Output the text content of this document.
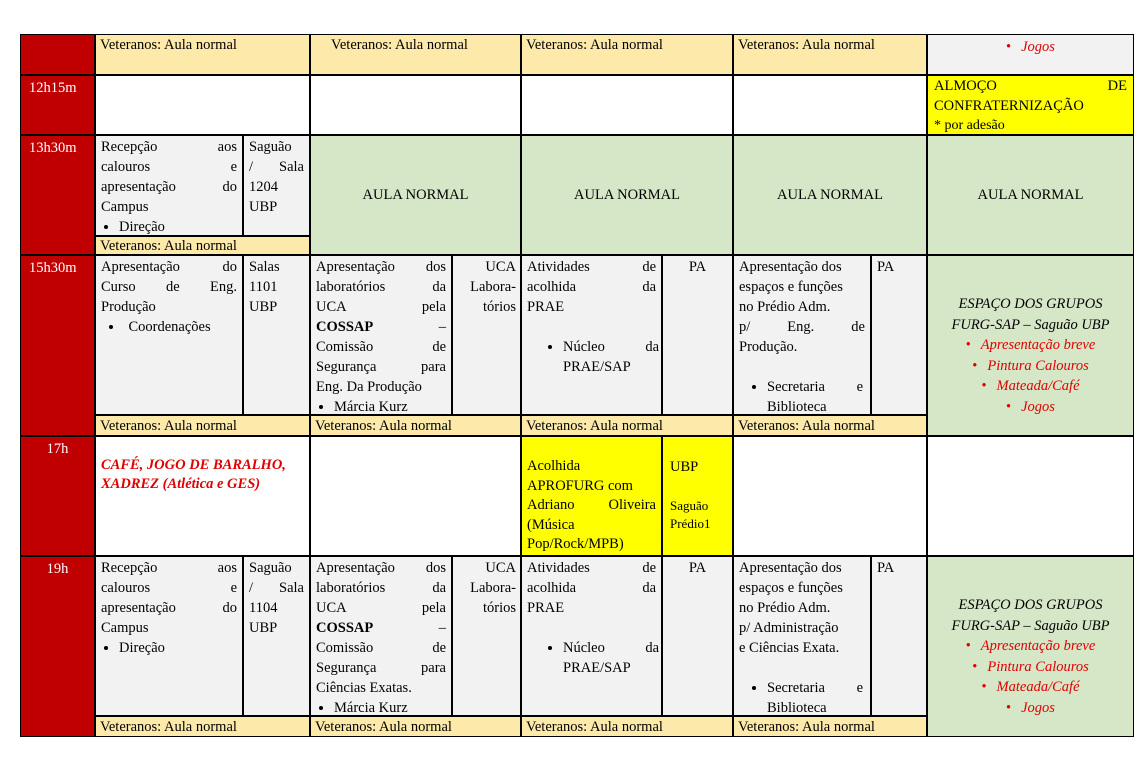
Veteranos: Aula normal	Veteranos: Aula normal	Veteranos: Aula normal	Veteranos: Aula normal
•	Jogos
12h15m	ALMOÇO	DE
CONFRATERNIZAÇÃO
* por adesão
13h30m	Recepção	aos
calouros	e
apresentação	do
Campus
• Direção
Saguão
/ Sala
1204
UBP
Veteranos: Aula normal
AULA NORMAL	AULA NORMAL	AULA NORMAL	AULA NORMAL
15h30m	Apresentação	do
Curso de Eng.
Produção
• Coordenações
Salas
1101
UBP
Apresentação dos
laboratórios	da
UCA	pela
COSSAP	–
Comissão	de
Segurança	para
Eng. Da Produção
• Márcia Kurz
UCA
Labora-
tórios
Atividades	de
acolhida	da
PRAE
• Núcleo	da
PRAE/SAP
PA	Apresentação dos
espaços e funções
no Prédio Adm.
p/	Eng.	de
Produção.
• Secretaria e
Biblioteca
PA
Veteranos: Aula normal	Veteranos: Aula normal	Veteranos: Aula normal	Veteranos: Aula normal
ESPAÇO DOS GRUPOS
FURG-SAP – Saguão UBP
• Apresentação breve
• Pintura Calouros
• Mateada/Café
• Jogos
17h
CAFÉ, JOGO DE BARALHO, XADREZ (Atlética e GES)
Acolhida
APROFURG com
Adriano Oliveira
(Música
Pop/Rock/MPB)
UBP
Saguão
Prédio1
19h	Recepção	aos
calouros	e
apresentação	do
Campus
• Direção
Saguão
/ Sala
1104
UBP
Apresentação dos
laboratórios	da
UCA	pela
COSSAP	–
Comissão	de
Segurança	para
Ciências Exatas.
• Márcia Kurz
UCA
Labora-
tórios
Atividades	de
acolhida	da
PRAE
• Núcleo	da
PRAE/SAP
PA	Apresentação dos
espaços e funções
no Prédio Adm.
p/ Administração
e Ciências Exata.
• Secretaria e
Biblioteca
PA
Veteranos: Aula normal	Veteranos: Aula normal	Veteranos: Aula normal	Veteranos: Aula normal
ESPAÇO DOS GRUPOS
FURG-SAP – Saguão UBP
• Apresentação breve
• Pintura Calouros
• Mateada/Café
• Jogos
